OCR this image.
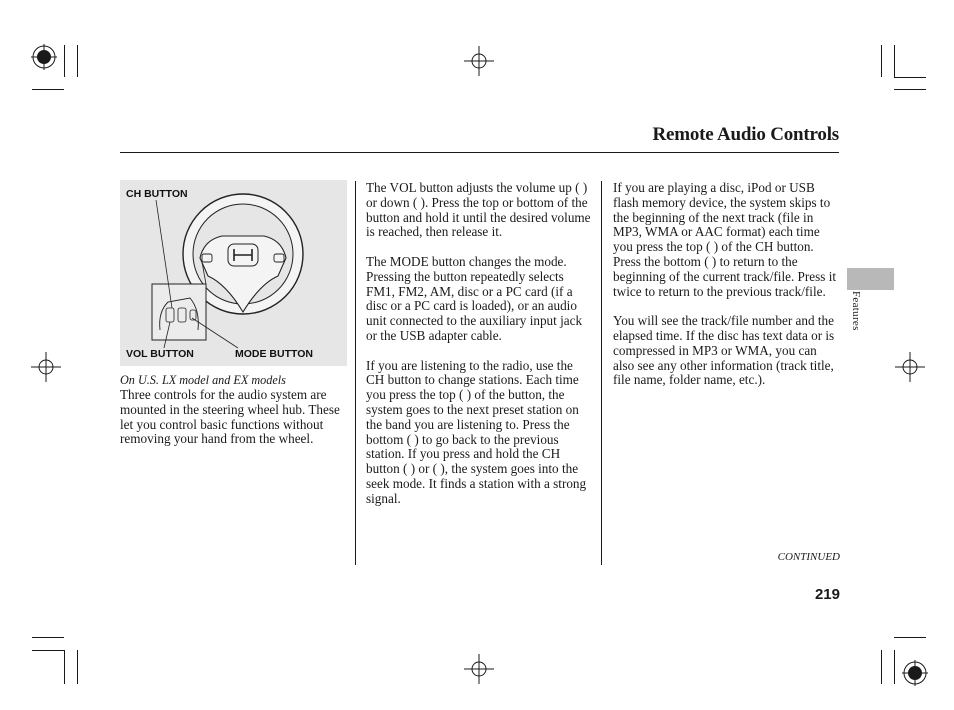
Remote Audio Controls
CH BUTTON
VOL BUTTON	MODE BUTTON
On U.S. LX model and EX models

Three controls for the audio system are mounted in the steering wheel hub. These let you control basic functions without removing your hand from the wheel.

The VOL button adjusts the volume up ( ) or down ( ). Press the top or bottom of the button and hold it until the desired volume is reached, then release it.

The MODE button changes the mode. Pressing the button repeatedly selects FM1, FM2, AM, disc or a PC card (if a disc or a PC card is loaded), or an audio unit connected to the auxiliary input jack or the USB adapter cable.

If you are listening to the radio, use the CH button to change stations. Each time you press the top ( ) of the button, the system goes to the next preset station on the band you are listening to. Press the bottom ( ) to go back to the previous station. If you press and hold the CH button ( ) or ( ), the system goes into the seek mode. It finds a station with a strong signal.

If you are playing a disc, iPod or USB flash memory device, the system skips to the beginning of the next track (file in MP3, WMA or AAC format) each time you press the top ( ) of the CH button. Press the bottom ( ) to return to the beginning of the current track/file. Press it twice to return to the previous track/file.

You will see the track/file number and the elapsed time. If the disc has text data or is compressed in MP3 or WMA, you can also see any other information (track title, file name, folder name, etc.).

Features
CONTINUED
219
